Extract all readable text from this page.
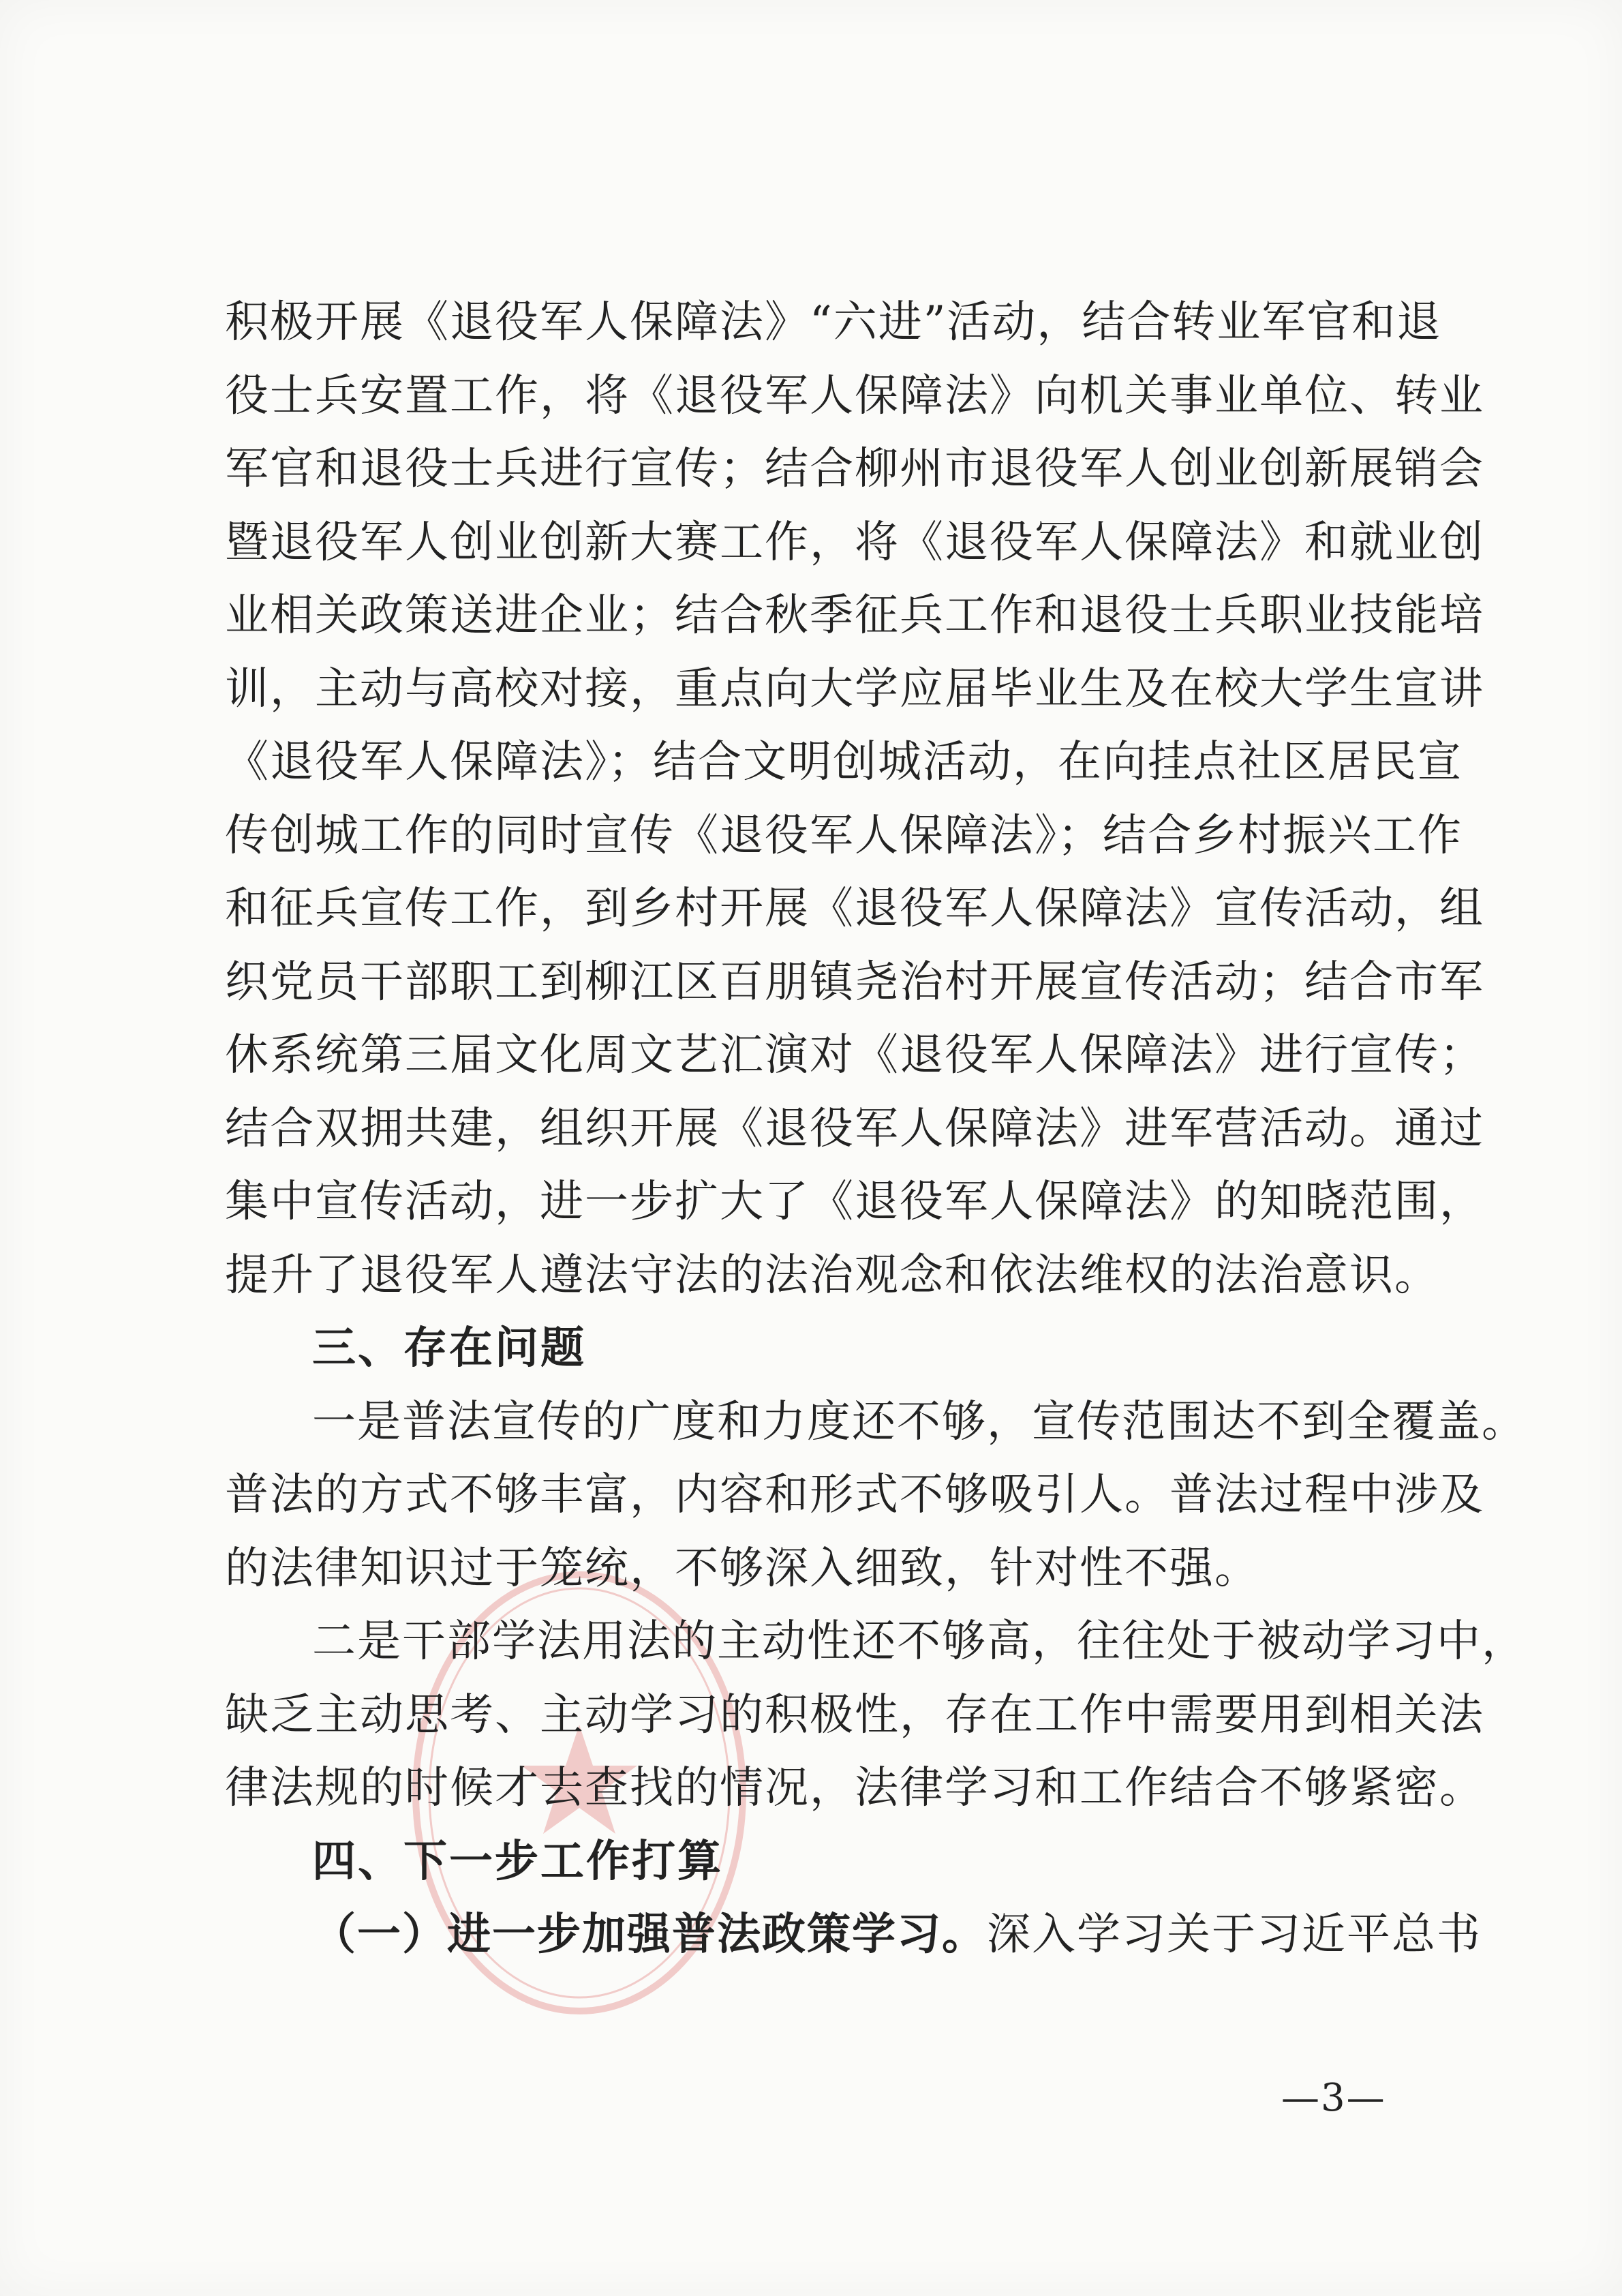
积极开展《退役军人保障法》“六进”活动，结合转业军官和退
役士兵安置工作，将《退役军人保障法》向机关事业单位、转业
军官和退役士兵进行宣传；结合柳州市退役军人创业创新展销会
暨退役军人创业创新大赛工作，将《退役军人保障法》和就业创
业相关政策送进企业；结合秋季征兵工作和退役士兵职业技能培
训，主动与高校对接，重点向大学应届毕业生及在校大学生宣讲
《退役军人保障法》；结合文明创城活动，在向挂点社区居民宣
传创城工作的同时宣传《退役军人保障法》；结合乡村振兴工作
和征兵宣传工作，到乡村开展《退役军人保障法》宣传活动，组
织党员干部职工到柳江区百朋镇尧治村开展宣传活动；结合市军
休系统第三届文化周文艺汇演对《退役军人保障法》进行宣传；
结合双拥共建，组织开展《退役军人保障法》进军营活动。通过
集中宣传活动，进一步扩大了《退役军人保障法》的知晓范围，
提升了退役军人遵法守法的法治观念和依法维权的法治意识。
三、存在问题
一是普法宣传的广度和力度还不够，宣传范围达不到全覆盖。
普法的方式不够丰富，内容和形式不够吸引人。普法过程中涉及
的法律知识过于笼统，不够深入细致，针对性不强。
二是干部学法用法的主动性还不够高，往往处于被动学习中，
缺乏主动思考、主动学习的积极性，存在工作中需要用到相关法
律法规的时候才去查找的情况，法律学习和工作结合不够紧密。
四、下一步工作打算
（一）进一步加强普法政策学习。深入学习关于习近平总书
—3—
